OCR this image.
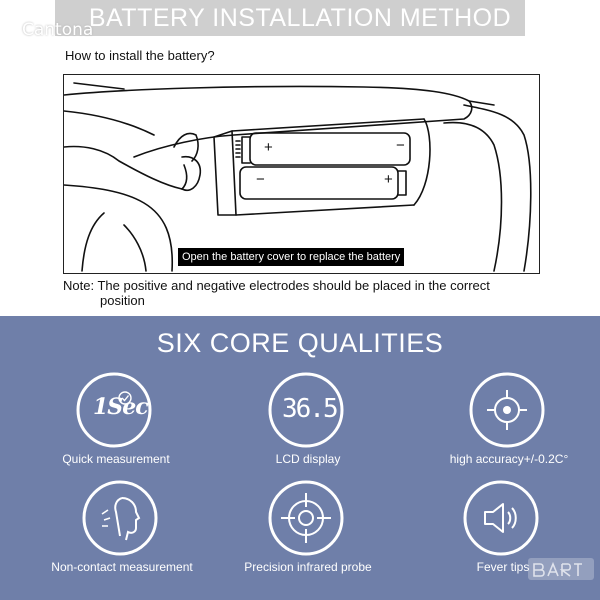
BATTERY INSTALLATION METHOD
Cantona
How to install the battery?
Open the battery cover to replace the battery
+	−
−	+
Note: The positive and negative electrodes should be placed in the correct
position
SIX CORE QUALITIES
1Sec
Quick measurement
36.5
LCD display	high accuracy+/-0.2C°
Non-contact measurement	Precision infrared probe	Fever tips
